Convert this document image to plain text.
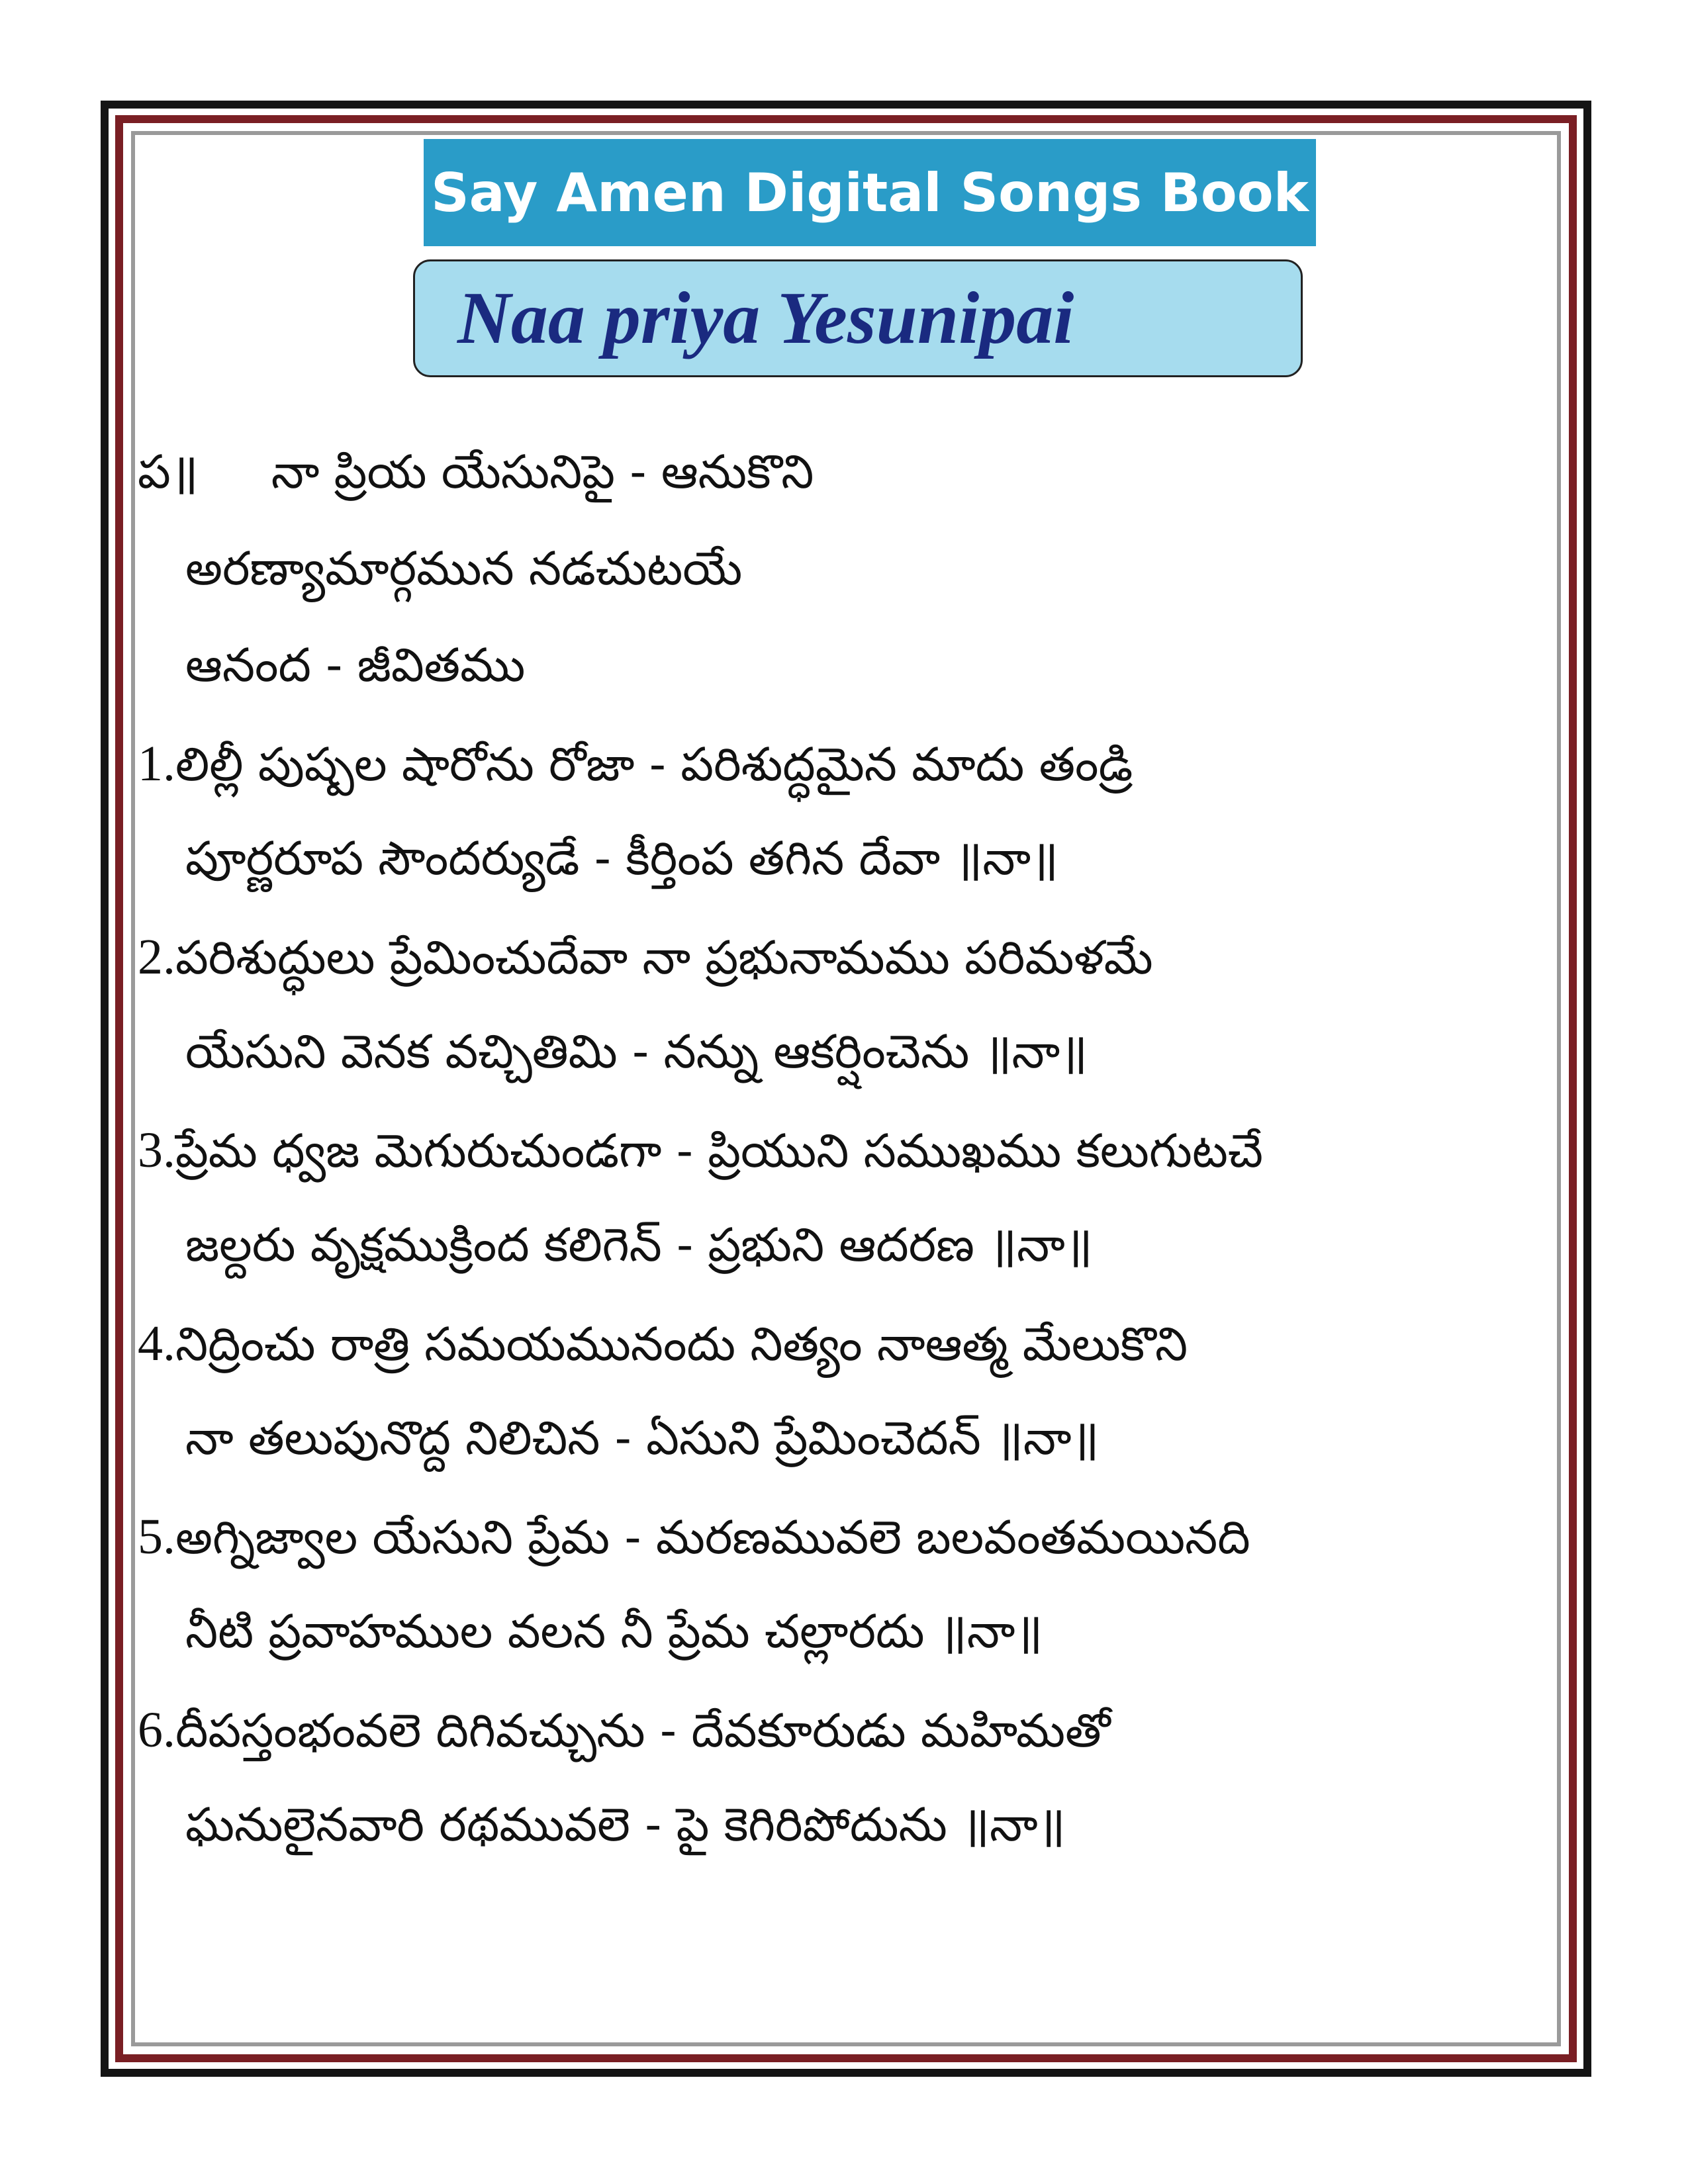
Say Amen Digital Songs Book
Naa priya Yesunipai
ప॥ నా ప్రియ యేసునిపై - ఆనుకొని
అరణ్యామార్గమున నడచుటయే
ఆనంద - జీవితము
1.లిల్లీ పుష్పల షారోను రోజా - పరిశుద్ధమైన మాదు తండ్రి
పూర్ణరూప సౌందర్యుడే - కీర్తింప తగిన దేవా ॥నా॥
2.పరిశుద్ధులు ప్రేమించుదేవా నా ప్రభునామము పరిమళమే
యేసుని వెనక వచ్చితిమి - నన్ను ఆకర్షించెను ॥నా॥
3.ప్రేమ ధ్వజ మెగురుచుండగా - ప్రియుని సముఖము కలుగుటచే
జల్దరు వృక్షముక్రింద కలిగెన్ - ప్రభుని ఆదరణ ॥నా॥
4.నిద్రించు రాత్రి సమయమునందు నిత్యం నాఆత్మ మేలుకొని
నా తలుపునొద్ద నిలిచిన - ఏసుని ప్రేమించెదన్ ॥నా॥
5.అగ్నిజ్వాల యేసుని ప్రేమ - మరణమువలె బలవంతమయినది
నీటి ప్రవాహముల వలన నీ ప్రేమ చల్లారదు ॥నా॥
6.దీపస్తంభంవలె దిగివచ్చును - దేవకూరుడు మహిమతో
ఘనులైనవారి రథమువలె - పై కెగిరిపోదును ॥నా॥
